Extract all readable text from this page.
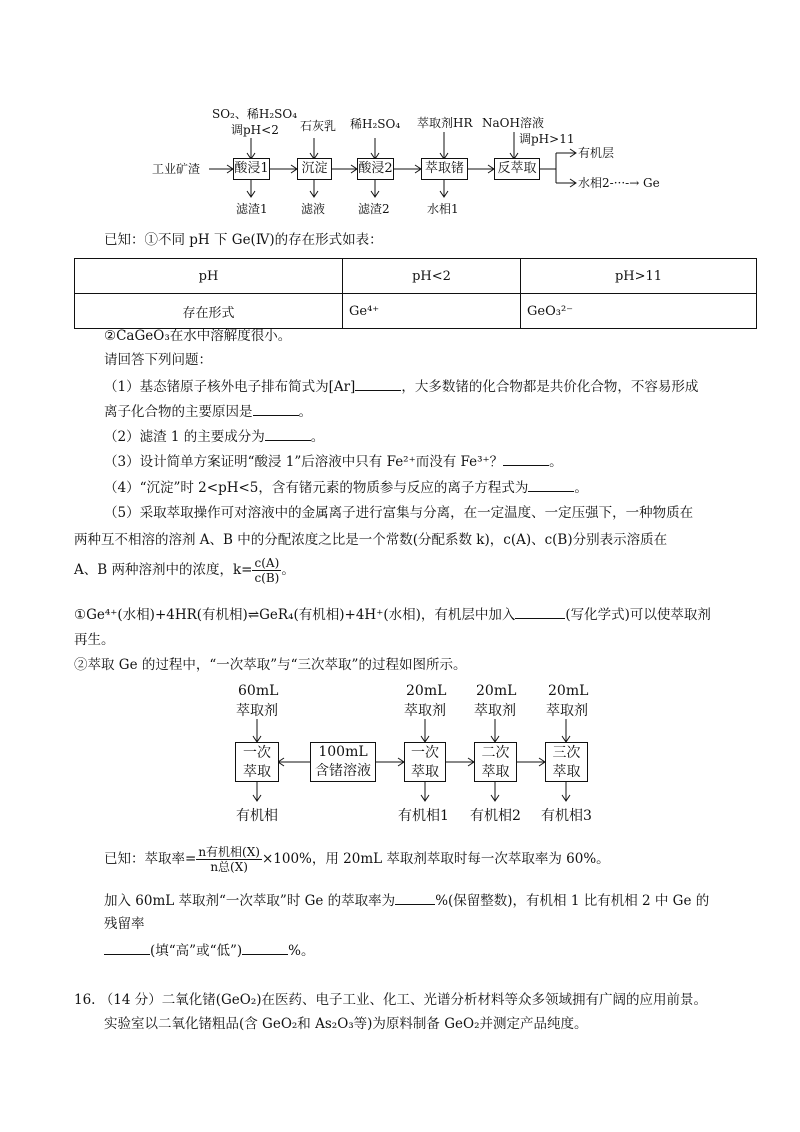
SO₂、稀H₂SO₄
调pH<2 石灰乳 稀H₂SO₄ 萃取剂HR NaOH溶液
调pH>11
工业矿渣	酸浸1	沉淀	酸浸2	萃取锗	反萃取
滤渣1	滤液	滤渣2	水相1
有机层
水相2-···-→ Ge
已知：①不同 pH 下 Ge(Ⅳ)的存在形式如表：
pH	pH<2	pH>11
存在形式	Ge⁴⁺	GeO₃²⁻
②CaGeO₃在水中溶解度很小。
请回答下列问题：
（1）基态锗原子核外电子排布简式为[Ar]	，大多数锗的化合物都是共价化合物，不容易形成
离子化合物的主要原因是	。
（2）滤渣 1 的主要成分为	。
（3）设计简单方案证明“酸浸 1”后溶液中只有 Fe²⁺而没有 Fe³⁺？	。
（4）“沉淀”时 2<pH<5，含有锗元素的物质参与反应的离子方程式为	。
（5）采取萃取操作可对溶液中的金属离子进行富集与分离，在一定温度、一定压强下，一种物质在
两种互不相溶的溶剂 A、B 中的分配浓度之比是一个常数(分配系数 k)，c(A)、c(B)分别表示溶质在
A、B 两种溶剂中的浓度，$k= \frac{c(A)}{c(B)}$ 。
①Ge⁴⁺(水相)+4HR(有机相)⇌GeR₄(有机相)+4H⁺(水相)，有机层中加入	(写化学式)可以使萃取剂
再生。
②萃取 Ge 的过程中，“一次萃取”与“三次萃取”的过程如图所示。
60mL
萃取剂
一次萃取
100mL
含锗溶液
20mL
萃取剂
一次萃取
20mL
萃取剂
二次萃取
20mL
萃取剂
三次萃取
有机相	有机相1 有机相2 有机相3
已知：萃取率= $\frac{\text{n有机相(X)}}{\text{n总(X)}} \times 100\%$，用 20mL 萃取剂萃取时每一次萃取率为 60%。
加入 60mL 萃取剂“一次萃取”时 Ge 的萃取率为	%(保留整数)，有机相 1 比有机相 2 中 Ge 的
残留率
(填“高”或“低”)	%。
16. （14 分）二氧化锗(GeO₂)在医药、电子工业、化工、光谱分析材料等众多领域拥有广阔的应用前景。
实验室以二氧化锗粗品(含 GeO₂和 As₂O₃等)为原料制备 GeO₂并测定产品纯度。
